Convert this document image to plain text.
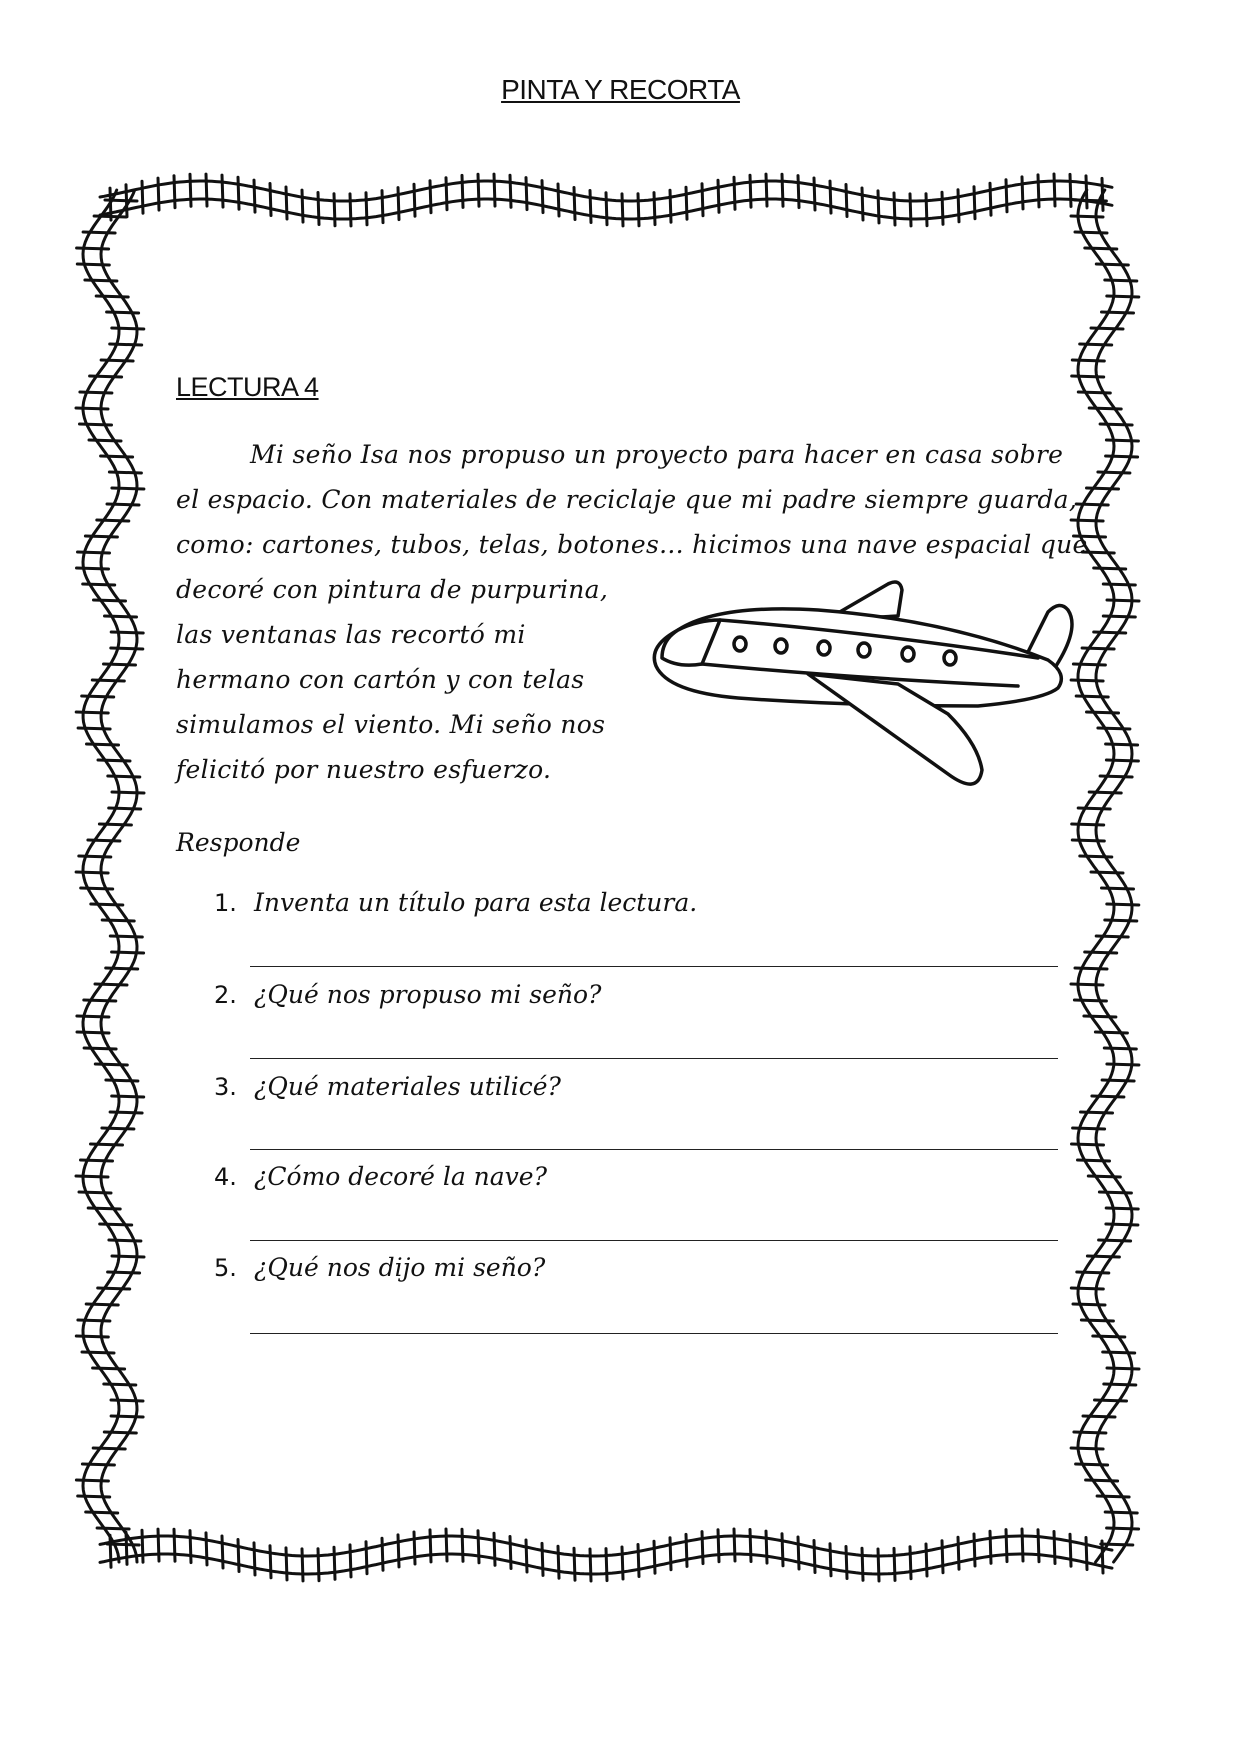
PINTA Y RECORTA
LECTURA 4
Mi seño Isa nos propuso un proyecto para hacer en casa sobre
el espacio. Con materiales de reciclaje que mi padre siempre guarda,
como: cartones, tubos, telas, botones... hicimos una nave espacial que
decoré con pintura de purpurina,
las ventanas las recortó mi
hermano con cartón y con telas
simulamos el viento. Mi seño nos
felicitó por nuestro esfuerzo.
Responde
1. Inventa un título para esta lectura.
2. ¿Qué nos propuso mi seño?
3. ¿Qué materiales utilicé?
4. ¿Cómo decoré la nave?
5. ¿Qué nos dijo mi seño?
